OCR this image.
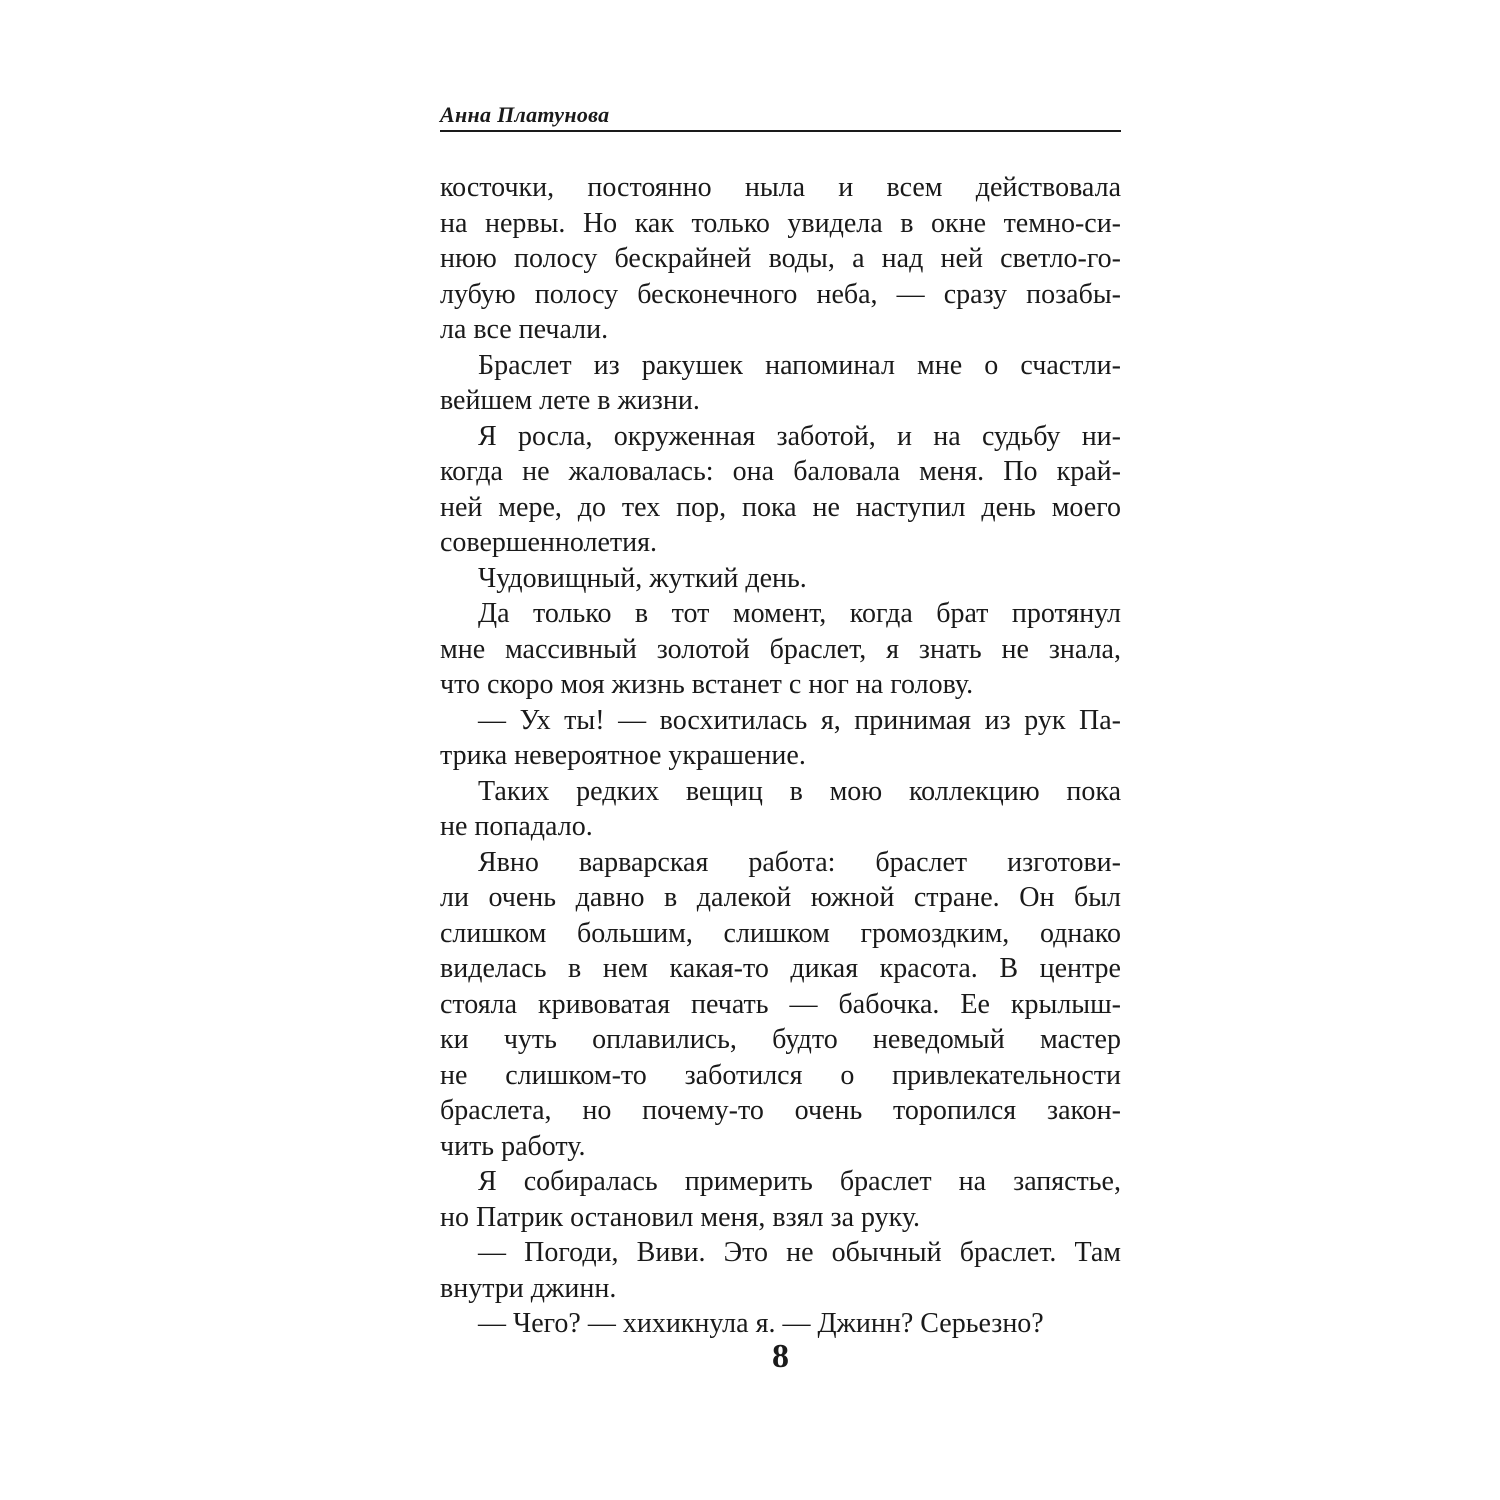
Анна Платунова
косточки, постоянно ныла и всем действовала
на нервы. Но как только увидела в окне темно-си-
нюю полосу бескрайней воды, а над ней светло-го-
лубую полосу бесконечного неба, — сразу позабы-
ла все печали.
Браслет из ракушек напоминал мне о счастли-
вейшем лете в жизни.
Я росла, окруженная заботой, и на судьбу ни-
когда не жаловалась: она баловала меня. По край-
ней мере, до тех пор, пока не наступил день моего
совершеннолетия.
Чудовищный, жуткий день.
Да только в тот момент, когда брат протянул
мне массивный золотой браслет, я знать не знала,
что скоро моя жизнь встанет с ног на голову.
— Ух ты! — восхитилась я, принимая из рук Па-
трика невероятное украшение.
Таких редких вещиц в мою коллекцию пока
не попадало.
Явно варварская работа: браслет изготови-
ли очень давно в далекой южной стране. Он был
слишком большим, слишком громоздким, однако
виделась в нем какая-то дикая красота. В центре
стояла кривоватая печать — бабочка. Ее крылыш-
ки чуть оплавились, будто неведомый мастер
не слишком-то заботился о привлекательности
браслета, но почему-то очень торопился закон-
чить работу.
Я собиралась примерить браслет на запястье,
но Патрик остановил меня, взял за руку.
— Погоди, Виви. Это не обычный браслет. Там
внутри джинн.
— Чего? — хихикнула я. — Джинн? Серьезно?
8
